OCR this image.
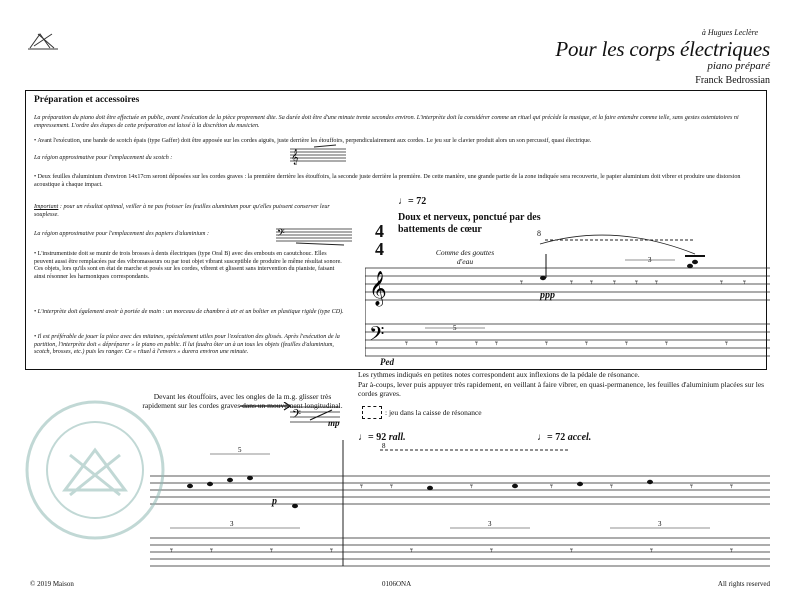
à Hugues Leclère
Pour les corps électriques
piano préparé
Franck Bedrossian
Préparation et accessoires
La préparation du piano doit être effectuée en public, avant l'exécution de la pièce proprement dite. Sa durée doit être d'une minute trente secondes environ. L'interprète doit la considérer comme un rituel qui précède la musique, et la faire entendre comme telle, sans gestes ostentatoires ni empressement. L'ordre des étapes de cette préparation est laissé à la discrétion du musicien.
• Avant l'exécution, une bande de scotch épais (type Gaffer) doit être apposée sur les cordes aiguës, juste derrière les étouffoirs, perpendiculairement aux cordes. Le jeu sur le clavier produit alors un son percussif, quasi électrique.
La région approximative pour l'emplacement du scotch :	𝄞
• Deux feuilles d'aluminium d'environ 14x17cm seront déposées sur les cordes graves : la première derrière les étouffoirs, la seconde juste derrière la première. De cette manière, une grande partie de la zone indiquée sera recouverte, le papier aluminium doit vibrer et produire une distorsion acoustique à chaque impact.
Important : pour un résultat optimal, veiller à ne pas froisser les feuilles aluminium pour qu'elles puissent conserver leur souplesse.
La région approximative pour l'emplacement des papiers d'aluminium :	𝄢
• L'instrumentiste doit se munir de trois brosses à dents électriques (type Oral B) avec des embouts en caoutchouc. Elles peuvent aussi être remplacées par des vibromasseurs ou par tout objet vibrant susceptible de produire le même résultat sonore. Ces objets, lors qu'ils sont en état de marche et posés sur les cordes, vibrent et glissent sans intervention du pianiste, faisant ainsi résonner les harmoniques correspondants.
• L'interprète doit également avoir à portée de main : un morceau de chambre à air et un boîtier en plastique rigide (type CD).
• Il est préférable de jouer la pièce avec des mitaines, spécialement utiles pour l'exécution des glissés. Après l'exécution de la partition, l'interprète doit « dépréparer » le piano en public. Il lui faudra ôter un à un tous les objets (feuilles d'aluminium, scotch, brosses, etc.) puis les ranger. Ce « rituel à l'envers » durera environ une minute.
♩= 72
Doux et nerveux, ponctué par des battements de cœur
Comme des gouttes d'eau
4
4
8
ppp
Ped
𝄞
𝄢
𝄾	𝄾 𝄾 𝄾 𝄾 𝄾	𝄾 𝄾
𝄾 𝄾	𝄾 𝄾	𝄾	𝄾	𝄾	𝄾	𝄾
5
3
Les rythmes indiqués en petites notes correspondent aux inflexions de la pédale de résonance.
Par à-coups, lever puis appuyer très rapidement, en veillant à faire vibrer, en quasi-permanence, les feuilles d'aluminium placées sur les cordes graves.
: jeu dans la caisse de résonance
Devant les étouffoirs, avec les ongles de la m.g. glisser très rapidement sur les cordes graves dans un mouvement longitudinal.
𝄢	mp
♩= 92 rall.	♩= 72 accel.
p
5	8
𝄾 𝄾	𝄾	𝄾	𝄾	𝄾	𝄾
𝄾	𝄾	𝄾	𝄾	𝄾	𝄾	𝄾	𝄾	𝄾
3	3	3
© 2019 Maison	0106ONA	All rights reserved
